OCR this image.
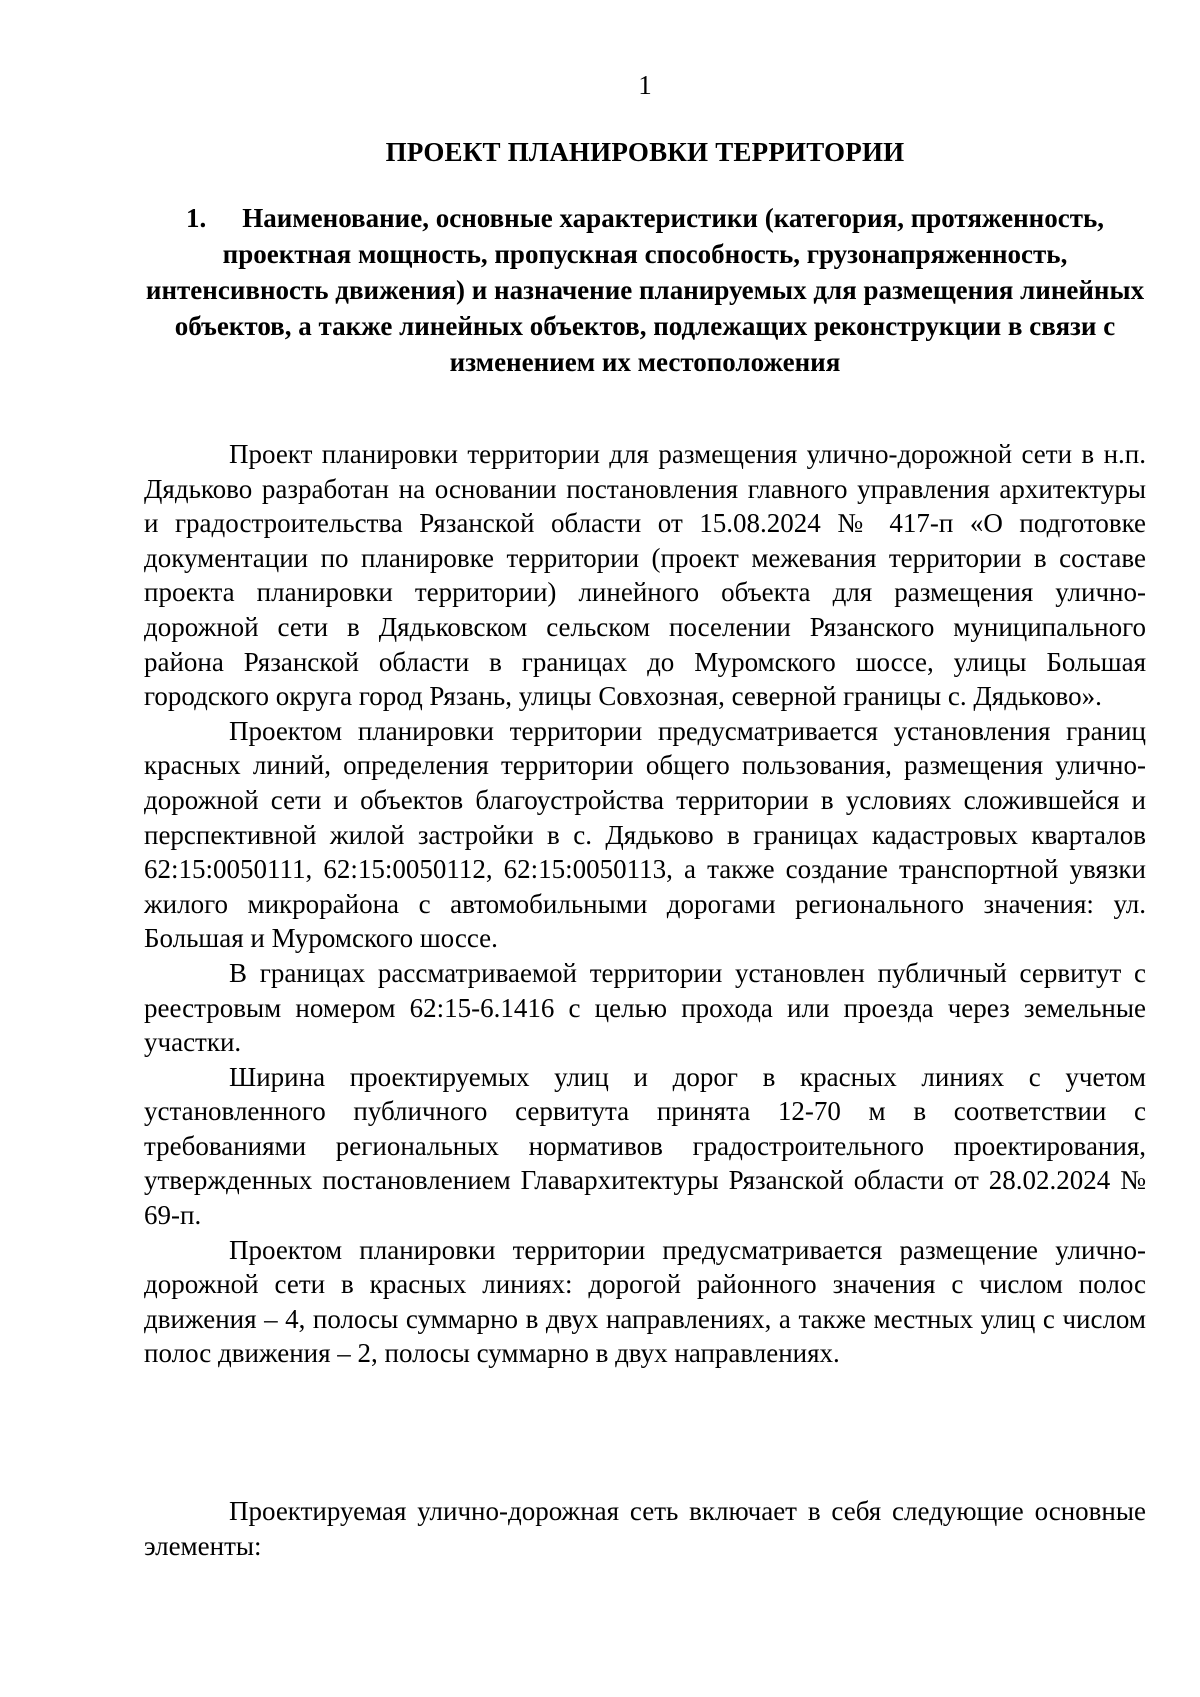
1
ПРОЕКТ ПЛАНИРОВКИ ТЕРРИТОРИИ
1. Наименование, основные характеристики (категория, протяженность, проектная мощность, пропускная способность, грузонапряженность, интенсивность движения) и назначение планируемых для размещения линейных объектов, а также линейных объектов, подлежащих реконструкции в связи с изменением их местоположения

Проект планировки территории для размещения улично-дорожной сети в н.п. Дядьково разработан на основании постановления главного управления архитектуры и градостроительства Рязанской области от 15.08.2024 № 417-п «О подготовке документации по планировке территории (проект межевания территории в составе проекта планировки территории) линейного объекта для размещения улично-дорожной сети в Дядьковском сельском поселении Рязанского муниципального района Рязанской области в границах до Муромского шоссе, улицы Большая городского округа город Рязань, улицы Совхозная, северной границы с. Дядьково».

Проектом планировки территории предусматривается установления границ красных линий, определения территории общего пользования, размещения улично-дорожной сети и объектов благоустройства территории в условиях сложившейся и перспективной жилой застройки в с. Дядьково в границах кадастровых кварталов 62:15:0050111, 62:15:0050112, 62:15:0050113, а также создание транспортной увязки жилого микрорайона с автомобильными дорогами регионального значения: ул. Большая и Муромского шоссе.

В границах рассматриваемой территории установлен публичный сервитут с реестровым номером 62:15-6.1416 с целью прохода или проезда через земельные участки.

Ширина проектируемых улиц и дорог в красных линиях с учетом установленного публичного сервитута принята 12-70 м в соответствии с требованиями региональных нормативов градостроительного проектирования, утвержденных постановлением Главархитектуры Рязанской области от 28.02.2024 № 69-п.

Проектом планировки территории предусматривается размещение улично-дорожной сети в красных линиях: дорогой районного значения с числом полос движения – 4, полосы суммарно в двух направлениях, а также местных улиц с числом полос движения – 2, полосы суммарно в двух направлениях.

Проектируемая улично-дорожная сеть включает в себя следующие основные элементы:
